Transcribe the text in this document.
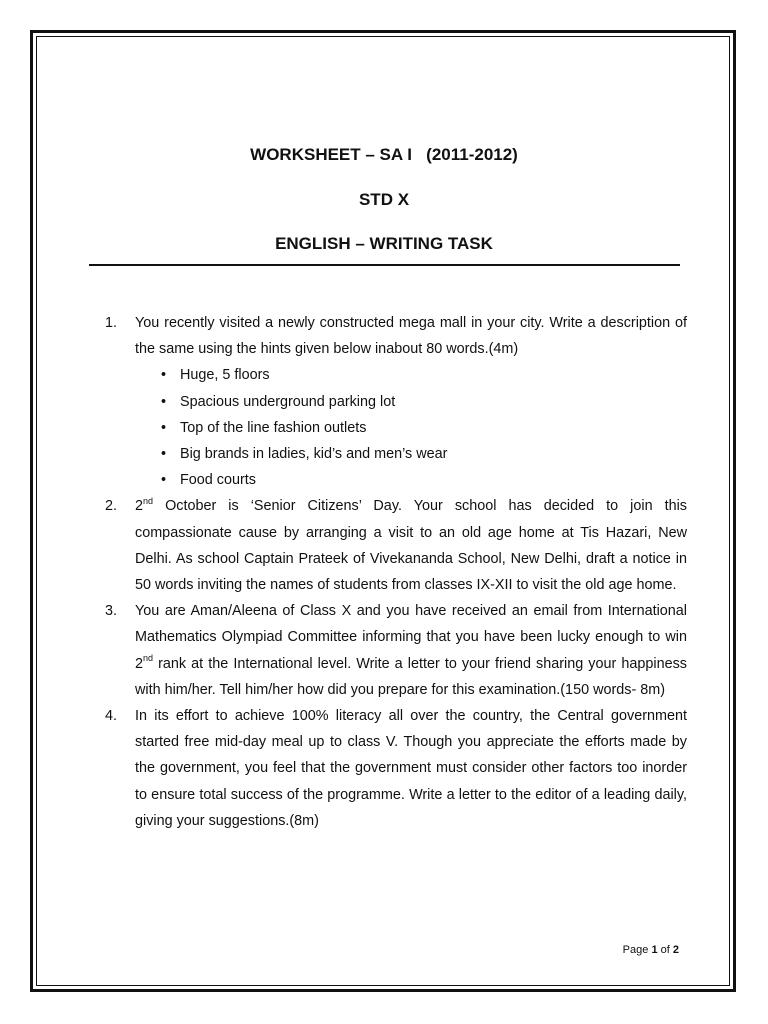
WORKSHEET – SA I   (2011-2012)
STD X
ENGLISH – WRITING TASK
1. You recently visited a newly constructed mega mall in your city. Write a description of the same using the hints given below inabout 80 words.(4m)
• Huge, 5 floors
• Spacious underground parking lot
• Top of the line fashion outlets
• Big brands in ladies, kid’s and men’s wear
• Food courts
2. 2nd October is ‘Senior Citizens’ Day. Your school has decided to join this compassionate cause by arranging a visit to an old age home at Tis Hazari, New Delhi. As school Captain Prateek of Vivekananda School, New Delhi, draft a notice in 50 words inviting the names of students from classes IX-XII to visit the old age home.
3. You are Aman/Aleena of Class X and you have received an email from International Mathematics Olympiad Committee informing that you have been lucky enough to win 2nd rank at the International level. Write a letter to your friend sharing your happiness with him/her. Tell him/her how did you prepare for this examination.(150 words- 8m)
4. In its effort to achieve 100% literacy all over the country, the Central government started free mid-day meal up to class V. Though you appreciate the efforts made by the government, you feel that the government must consider other factors too inorder to ensure total success of the programme. Write a letter to the editor of a leading daily, giving your suggestions.(8m)
Page 1 of 2
